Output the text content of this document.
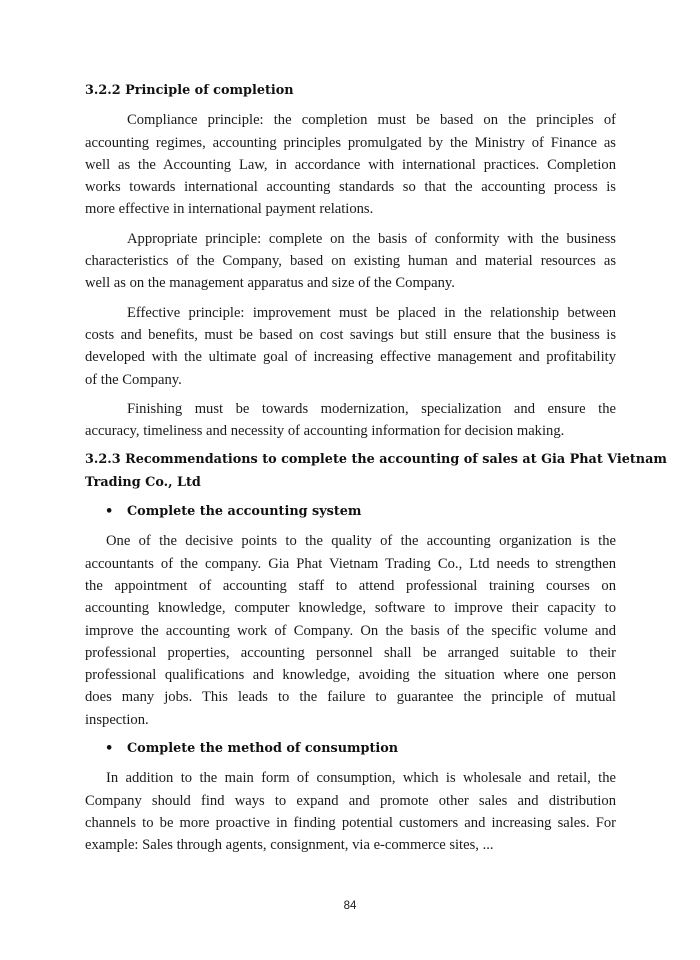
3.2.2 Principle of completion
Compliance principle: the completion must be based on the principles of
accounting regimes, accounting principles promulgated by the Ministry of Finance as
well as the Accounting Law, in accordance with international practices. Completion
works towards international accounting standards so that the accounting process is
more effective in international payment relations.
Appropriate principle: complete on the basis of conformity with the business
characteristics of the Company, based on existing human and material resources as
well as on the management apparatus and size of the Company.
Effective principle: improvement must be placed in the relationship between
costs and benefits, must be based on cost savings but still ensure that the business is
developed with the ultimate goal of increasing effective management and profitability
of the Company.
Finishing must be towards modernization, specialization and ensure the
accuracy, timeliness and necessity of accounting information for decision making.
3.2.3 Recommendations to complete the accounting of sales at Gia Phat Vietnam
Trading Co., Ltd
• Complete the accounting system
One of the decisive points to the quality of the accounting organization is the
accountants of the company. Gia Phat Vietnam Trading Co., Ltd needs to strengthen
the appointment of accounting staff to attend professional training courses on
accounting knowledge, computer knowledge, software to improve their capacity to
improve the accounting work of Company. On the basis of the specific volume and
professional properties, accounting personnel shall be arranged suitable to their
professional qualifications and knowledge, avoiding the situation where one person
does many jobs. This leads to the failure to guarantee the principle of mutual
inspection.
• Complete the method of consumption
In addition to the main form of consumption, which is wholesale and retail, the
Company should find ways to expand and promote other sales and distribution
channels to be more proactive in finding potential customers and increasing sales. For
example: Sales through agents, consignment, via e-commerce sites, ...
84
